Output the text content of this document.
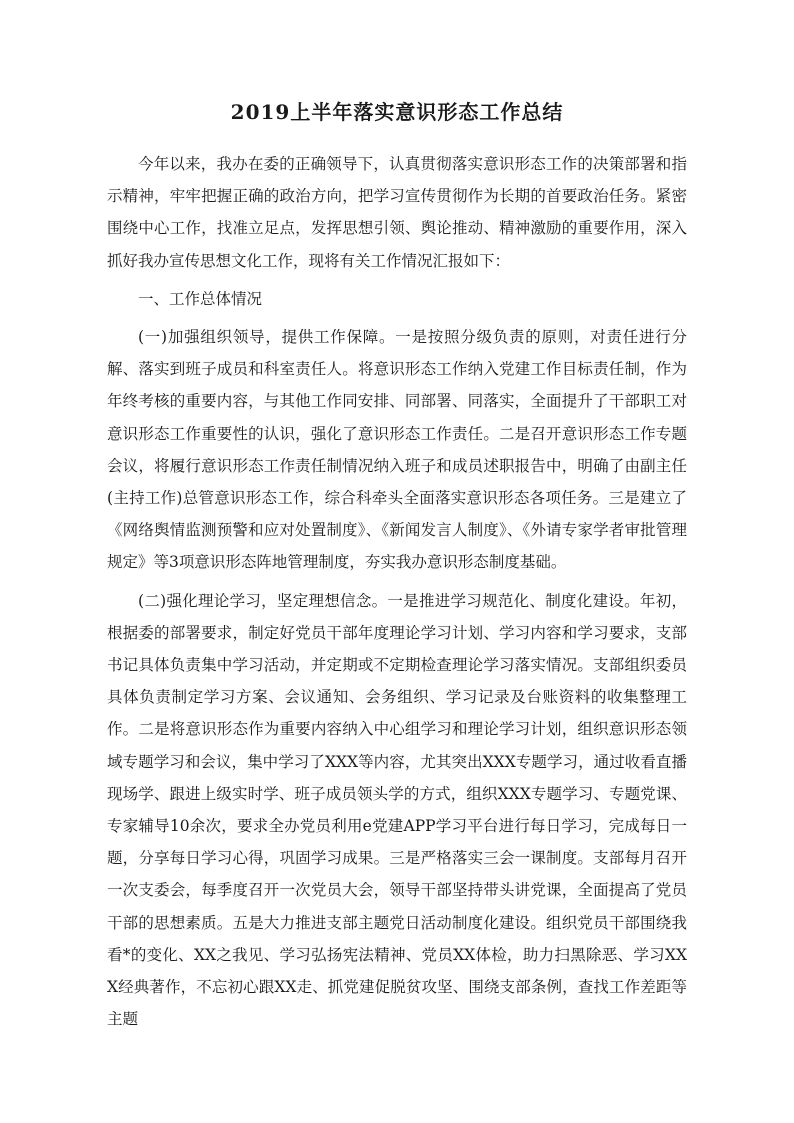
2019上半年落实意识形态工作总结

今年以来，我办在委的正确领导下，认真贯彻落实意识形态工作的决策部署和指示精神，牢牢把握正确的政治方向，把学习宣传贯彻作为长期的首要政治任务。紧密围绕中心工作，找准立足点，发挥思想引领、舆论推动、精神激励的重要作用，深入抓好我办宣传思想文化工作，现将有关工作情况汇报如下：

一、工作总体情况

(一)加强组织领导，提供工作保障。一是按照分级负责的原则，对责任进行分解、落实到班子成员和科室责任人。将意识形态工作纳入党建工作目标责任制，作为年终考核的重要内容，与其他工作同安排、同部署、同落实，全面提升了干部职工对意识形态工作重要性的认识，强化了意识形态工作责任。二是召开意识形态工作专题会议，将履行意识形态工作责任制情况纳入班子和成员述职报告中，明确了由副主任(主持工作)总管意识形态工作，综合科牵头全面落实意识形态各项任务。三是建立了《网络舆情监测预警和应对处置制度》、《新闻发言人制度》、《外请专家学者审批管理规定》等3项意识形态阵地管理制度，夯实我办意识形态制度基础。

(二)强化理论学习，坚定理想信念。一是推进学习规范化、制度化建设。年初，根据委的部署要求，制定好党员干部年度理论学习计划、学习内容和学习要求，支部书记具体负责集中学习活动，并定期或不定期检查理论学习落实情况。支部组织委员具体负责制定学习方案、会议通知、会务组织、学习记录及台账资料的收集整理工作。二是将意识形态作为重要内容纳入中心组学习和理论学习计划，组织意识形态领域专题学习和会议，集中学习了XXX等内容，尤其突出XXX专题学习，通过收看直播现场学、跟进上级实时学、班子成员领头学的方式，组织XXX专题学习、专题党课、专家辅导10余次，要求全办党员利用e党建APP学习平台进行每日学习，完成每日一题，分享每日学习心得，巩固学习成果。三是严格落实三会一课制度。支部每月召开一次支委会，每季度召开一次党员大会，领导干部坚持带头讲党课，全面提高了党员干部的思想素质。五是大力推进支部主题党日活动制度化建设。组织党员干部围绕我看*的变化、XX之我见、学习弘扬宪法精神、党员XX体检，助力扫黑除恶、学习XXX经典著作，不忘初心跟XX走、抓党建促脱贫攻坚、围绕支部条例，查找工作差距等主题
